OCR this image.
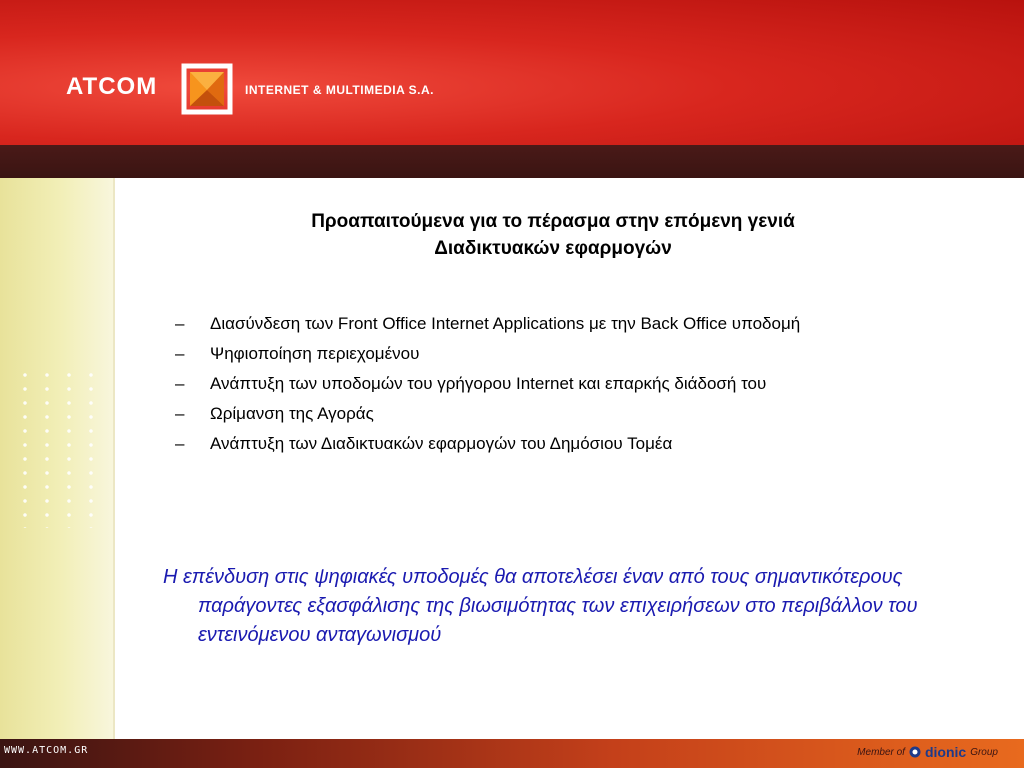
ATCOM	INTERNET & MULTIMEDIA S.A.
Προαπαιτούμενα για το πέρασμα στην επόμενη γενιά
Διαδικτυακών εφαρμογών
– Διασύνδεση των Front Office Internet Applications με την Back Office υποδομή
– Ψηφιοποίηση περιεχομένου
– Ανάπτυξη των υποδομών του γρήγορου Internet και επαρκής διάδοσή του
– Ωρίμανση της Αγοράς
– Ανάπτυξη των Διαδικτυακών εφαρμογών του Δημόσιου Τομέα
Η επένδυση στις ψηφιακές υποδομές θα αποτελέσει έναν από τους σημαντικότερους παράγοντες εξασφάλισης της βιωσιμότητας των επιχειρήσεων στο περιβάλλον του εντεινόμενου ανταγωνισμού
WWW.ATCOM.GR	Member of dionic Group
